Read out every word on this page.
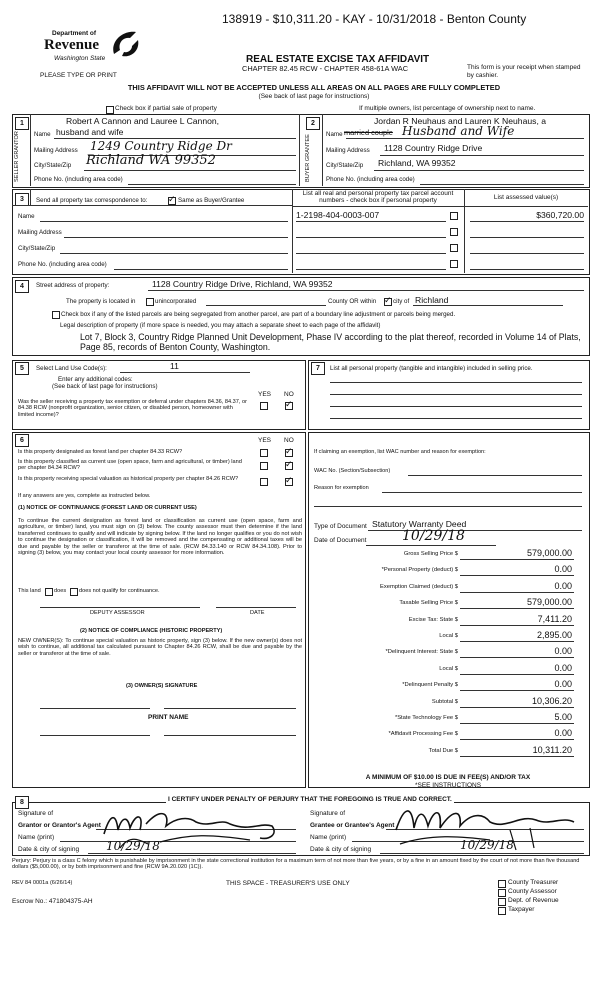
138919 - $10,311.20 - KAY - 10/31/2018 - Benton County
Department of
Revenue
Washington State
PLEASE TYPE OR PRINT
REAL ESTATE EXCISE TAX AFFIDAVIT
CHAPTER 82.45 RCW - CHAPTER 458-61A WAC	This form is your receipt when stamped by cashier.
THIS AFFIDAVIT WILL NOT BE ACCEPTED UNLESS ALL AREAS ON ALL PAGES ARE FULLY COMPLETED
(See back of last page for instructions)
Check box if partial sale of property	If multiple owners, list percentage of ownership next to name.
1
SELLER GRANTOR
Robert A Cannon and Lauree L Cannon,
Name husband and wife
Mailing Address 1249 Country Ridge Dr
City/State/Zip Richland WA 99352
Phone No. (including area code)
2
BUYER GRANTEE
Jordan R Neuhaus and Lauren K Neuhaus, a
Name married couple Husband and Wife
Mailing Address 1128 Country Ridge Drive
City/State/Zip Richland, WA 99352
Phone No. (including area code)
3	Send all property tax correspondence to: ✓ Same as Buyer/Grantee
Name
Mailing Address
City/State/Zip
Phone No. (including area code)
List all real and personal property tax parcel account numbers - check box if personal property	List assessed value(s)
1-2198-404-0003-007	$360,720.00
4	Street address of property:	1128 Country Ridge Drive, Richland, WA 99352
The property is located in	unincorporated	County OR within ✓ city of Richland
Check box if any of the listed parcels are being segregated from another parcel, are part of a boundary line adjustment or parcels being merged.
Legal description of property (if more space is needed, you may attach a separate sheet to each page of the affidavit)
Lot 7, Block 3, Country Ridge Planned Unit Development, Phase IV according to the plat thereof, recorded in Volume 14 of Plats, Page 85, records of Benton County, Washington.
5	Select Land Use Code(s):	11
Enter any additional codes:
(See back of last page for instructions)
YES NO
Was the seller receiving a property tax exemption or deferral under chapters 84.36, 84.37, or 84.38 RCW (nonprofit organization, senior citizen, or disabled person, homeowner with limited income)?
✓
7	List all personal property (tangible and intangible) included in selling price.
6	YES NO
Is this property designated as forest land per chapter 84.33 RCW?	✓
Is this property classified as current use (open space, farm and agricultural, or timber) land per chapter 84.34 RCW?	✓
Is this property receiving special valuation as historical property per chapter 84.26 RCW?	✓
If any answers are yes, complete as instructed below.
(1) NOTICE OF CONTINUANCE (FOREST LAND OR CURRENT USE)
To continue the current designation as forest land or classification as current use (open space, farm and agriculture, or timber) land, you must sign on (3) below. The county assessor must then determine if the land transferred continues to qualify and will indicate by signing below. If the land no longer qualifies or you do not wish to continue the designation or classification, it will be removed and the compensating or additional taxes will be due and payable by the seller or transferor at the time of sale. (RCW 84.33.140 or RCW 84.34.108). Prior to signing (3) below, you may contact your local county assessor for more information.
This land does does not qualify for continuance.
DEPUTY ASSESSOR	DATE
(2) NOTICE OF COMPLIANCE (HISTORIC PROPERTY)
NEW OWNER(S): To continue special valuation as historic property, sign (3) below. If the new owner(s) does not wish to continue, all additional tax calculated pursuant to Chapter 84.26 RCW, shall be due and payable by the seller or transferor at the time of sale.
(3) OWNER(S) SIGNATURE
PRINT NAME
If claiming an exemption, list WAC number and reason for exemption:
WAC No. (Section/Subsection)
Reason for exemption
Type of Document Statutory Warranty Deed
Date of Document	10/29/18
Gross Selling Price $	579,000.00
*Personal Property (deduct) $	0.00
Exemption Claimed (deduct) $	0.00
Taxable Selling Price $	579,000.00
Excise Tax: State $	7,411.20
Local $	2,895.00
*Delinquent Interest: State $	0.00
Local $	0.00
*Delinquent Penalty $	0.00
Subtotal $	10,306.20
*State Technology Fee $	5.00
*Affidavit Processing Fee $	0.00
Total Due $	10,311.20
A MINIMUM OF $10.00 IS DUE IN FEE(S) AND/OR TAX
*SEE INSTRUCTIONS
8	I CERTIFY UNDER PENALTY OF PERJURY THAT THE FOREGOING IS TRUE AND CORRECT.
Signature of
Grantor or Grantor's Agent
Name (print)
Date & city of signing 10/29/18
Signature of
Grantee or Grantee's Agent
Name (print)
Date & city of signing	10/29/18
Perjury: Perjury is a class C felony which is punishable by imprisonment in the state correctional institution for a maximum term of not more than five years, or by a fine in an amount fixed by the court of not more than five thousand dollars ($5,000.00), or by both imprisonment and fine (RCW 9A.20.020 (1C)).
REV 84 0001a (6/26/14)	THIS SPACE - TREASURER'S USE ONLY
Escrow No.: 471804375-AH
County Treasurer
County Assessor
Dept. of Revenue
Taxpayer
